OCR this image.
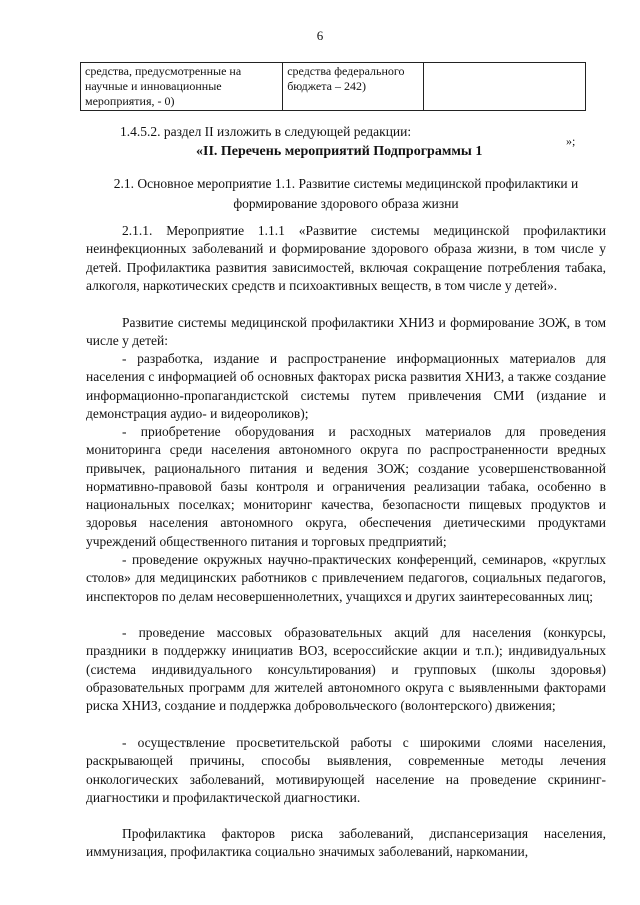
6
средства, предусмотренные на научные и инновационные мероприятия, - 0)	средства федерального бюджета – 242)	
»;
1.4.5.2. раздел II изложить в следующей редакции:
«II. Перечень мероприятий Подпрограммы 1
2.1. Основное мероприятие 1.1. Развитие системы медицинской профилактики и формирование здорового образа жизни

2.1.1. Мероприятие 1.1.1 «Развитие системы медицинской профилактики неинфекционных заболеваний и формирование здорового образа жизни, в том числе у детей. Профилактика развития зависимостей, включая сокращение потребления табака, алкоголя, наркотических средств и психоактивных веществ, в том числе у детей».

Развитие системы медицинской профилактики ХНИЗ и формирование ЗОЖ, в том числе у детей:

- разработка, издание и распространение информационных материалов для населения с информацией об основных факторах риска развития ХНИЗ, а также создание информационно-пропагандистской системы путем привлечения СМИ (издание и демонстрация аудио- и видеороликов);

- приобретение оборудования и расходных материалов для проведения мониторинга среди населения автономного округа по распространенности вредных привычек, рационального питания и ведения ЗОЖ; создание усовершенствованной нормативно-правовой базы контроля и ограничения реализации табака, особенно в национальных поселках; мониторинг качества, безопасности пищевых продуктов и здоровья населения автономного округа, обеспечения диетическими продуктами учреждений общественного питания и торговых предприятий;

- проведение окружных научно-практических конференций, семинаров, «круглых столов» для медицинских работников с привлечением педагогов, социальных педагогов, инспекторов по делам несовершеннолетних, учащихся и других заинтересованных лиц;

- проведение массовых образовательных акций для населения (конкурсы, праздники в поддержку инициатив ВОЗ, всероссийские акции и т.п.); индивидуальных (система индивидуального консультирования) и групповых (школы здоровья) образовательных программ для жителей автономного округа с выявленными факторами риска ХНИЗ, создание и поддержка добровольческого (волонтерского) движения;

- осуществление просветительской работы с широкими слоями населения, раскрывающей причины, способы выявления, современные методы лечения онкологических заболеваний, мотивирующей население на проведение скрининг-диагностики и профилактической диагностики.

Профилактика факторов риска заболеваний, диспансеризация населения, иммунизация, профилактика социально значимых заболеваний, наркомании,
